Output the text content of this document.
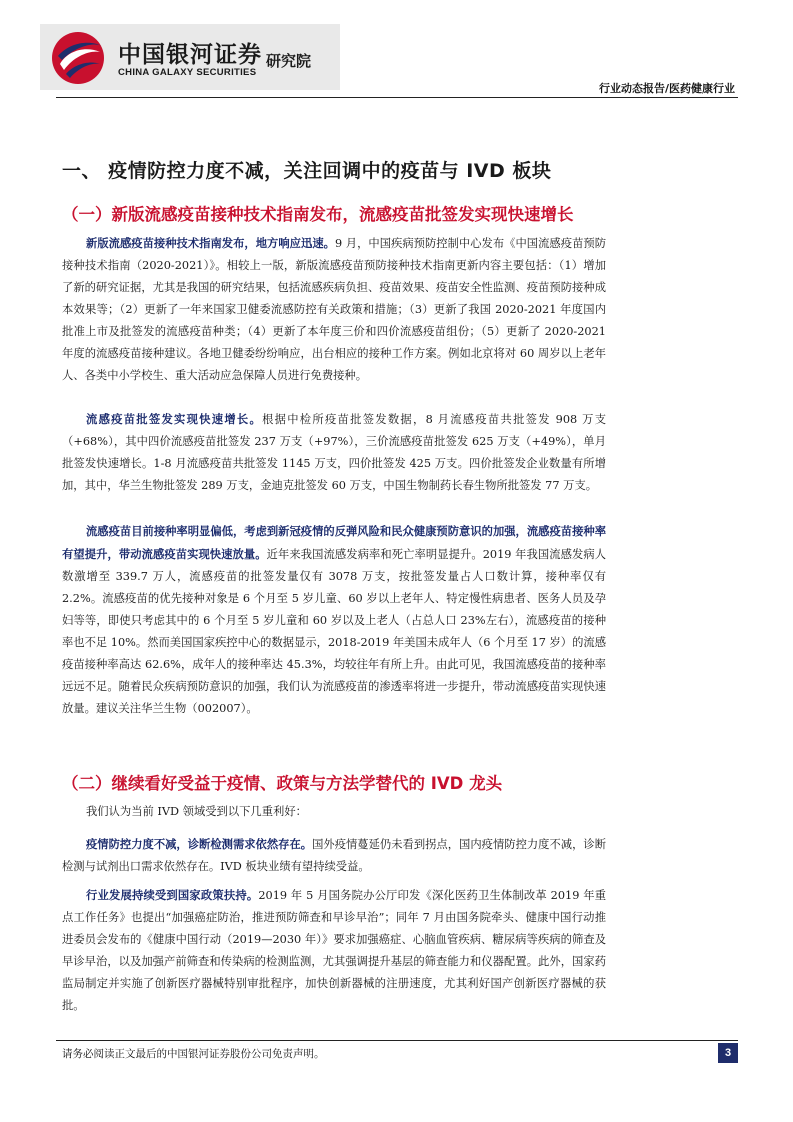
中国银河证券
CHINA GALAXY SECURITIES
研究院
行业动态报告/医药健康行业
一、 疫情防控力度不减，关注回调中的疫苗与 IVD 板块
（一）新版流感疫苗接种技术指南发布，流感疫苗批签发实现快速增长

新版流感疫苗接种技术指南发布，地方响应迅速。9 月，中国疾病预防控制中心发布《中国流感疫苗预防接种技术指南（2020-2021）》。相较上一版，新版流感疫苗预防接种技术指南更新内容主要包括：（1）增加了新的研究证据，尤其是我国的研究结果，包括流感疾病负担、疫苗效果、疫苗安全性监测、疫苗预防接种成本效果等；（2）更新了一年来国家卫健委流感防控有关政策和措施；（3）更新了我国 2020-2021 年度国内批准上市及批签发的流感疫苗种类；（4）更新了本年度三价和四价流感疫苗组份；（5）更新了 2020-2021 年度的流感疫苗接种建议。各地卫健委纷纷响应，出台相应的接种工作方案。例如北京将对 60 周岁以上老年人、各类中小学校生、重大活动应急保障人员进行免费接种。

流感疫苗批签发实现快速增长。根据中检所疫苗批签发数据，8 月流感疫苗共批签发 908 万支（+68%），其中四价流感疫苗批签发 237 万支（+97%），三价流感疫苗批签发 625 万支（+49%），单月批签发快速增长。1-8 月流感疫苗共批签发 1145 万支，四价批签发 425 万支。四价批签发企业数量有所增加，其中，华兰生物批签发 289 万支，金迪克批签发 60 万支，中国生物制药长春生物所批签发 77 万支。

流感疫苗目前接种率明显偏低，考虑到新冠疫情的反弹风险和民众健康预防意识的加强，流感疫苗接种率有望提升，带动流感疫苗实现快速放量。近年来我国流感发病率和死亡率明显提升。2019 年我国流感发病人数激增至 339.7 万人，流感疫苗的批签发量仅有 3078 万支，按批签发量占人口数计算，接种率仅有 2.2%。流感疫苗的优先接种对象是 6 个月至 5 岁儿童、60 岁以上老年人、特定慢性病患者、医务人员及孕妇等等，即使只考虑其中的 6 个月至 5 岁儿童和 60 岁以及上老人（占总人口 23%左右），流感疫苗的接种率也不足 10%。然而美国国家疾控中心的数据显示，2018-2019 年美国未成年人（6 个月至 17 岁）的流感疫苗接种率高达 62.6%，成年人的接种率达 45.3%，均较往年有所上升。由此可见，我国流感疫苗的接种率远远不足。随着民众疾病预防意识的加强，我们认为流感疫苗的渗透率将进一步提升，带动流感疫苗实现快速放量。建议关注华兰生物（002007）。

（二）继续看好受益于疫情、政策与方法学替代的 IVD 龙头

我们认为当前 IVD 领域受到以下几重利好：

疫情防控力度不减，诊断检测需求依然存在。国外疫情蔓延仍未看到拐点，国内疫情防控力度不减，诊断检测与试剂出口需求依然存在。IVD 板块业绩有望持续受益。

行业发展持续受到国家政策扶持。2019 年 5 月国务院办公厅印发《深化医药卫生体制改革 2019 年重点工作任务》也提出“加强癌症防治，推进预防筛查和早诊早治”；同年 7 月由国务院牵头、健康中国行动推进委员会发布的《健康中国行动（2019—2030 年）》要求加强癌症、心脑血管疾病、糖尿病等疾病的筛查及早诊早治，以及加强产前筛查和传染病的检测监测，尤其强调提升基层的筛查能力和仪器配置。此外，国家药监局制定并实施了创新医疗器械特别审批程序，加快创新器械的注册速度，尤其利好国产创新医疗器械的获批。

请务必阅读正文最后的中国银河证券股份公司免责声明。	3
